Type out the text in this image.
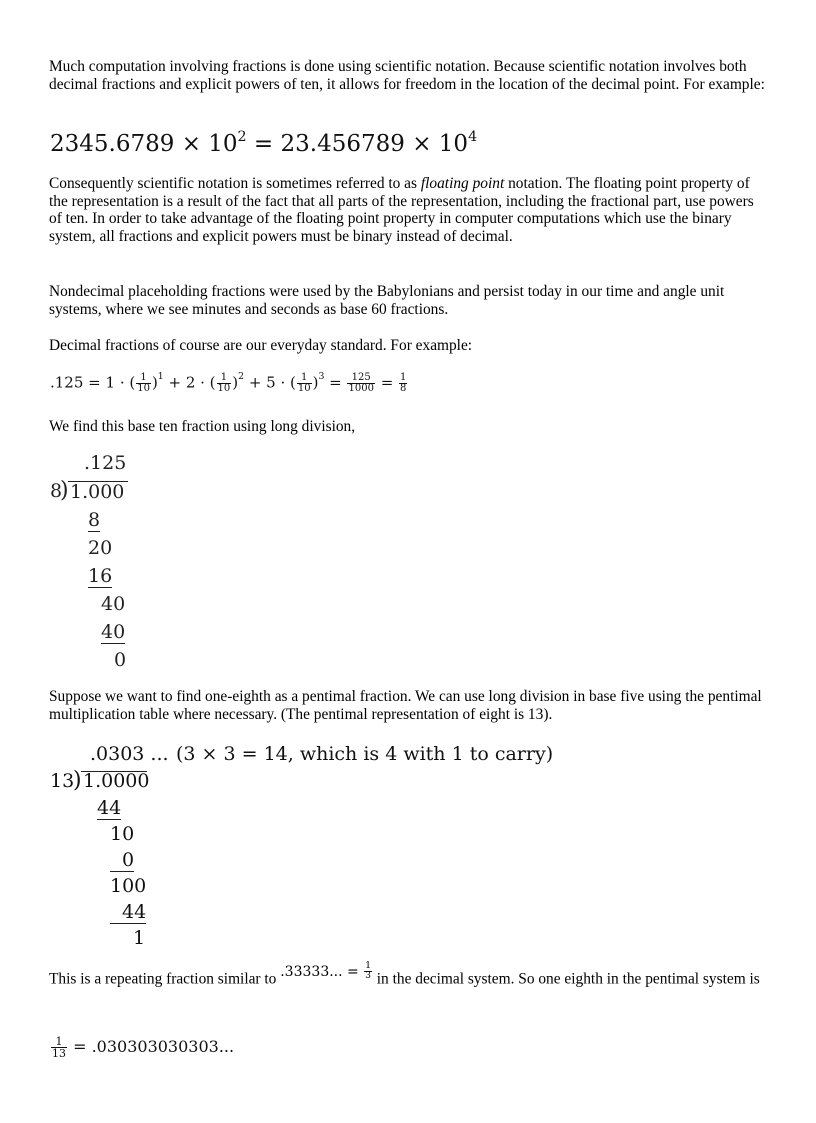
Much computation involving fractions is done using scientific notation. Because scientific notation involves both decimal fractions and explicit powers of ten, it allows for freedom in the location of the decimal point. For example:

$2345.6789 \times 10^2 = 23.456789 \times 10^4$

Consequently scientific notation is sometimes referred to as floating point notation. The floating point property of the representation is a result of the fact that all parts of the representation, including the fractional part, use powers of ten. In order to take advantage of the floating point property in computer computations which use the binary system, all fractions and explicit powers must be binary instead of decimal.

Nondecimal placeholding fractions were used by the Babylonians and persist today in our time and angle unit systems, where we see minutes and seconds as base 60 fractions.

Decimal fractions of course are our everyday standard. For example:

.125 = 1 · ( $\frac{1}{10} )^1 + 2$ · ( $\frac{1}{10} )^2 + 5$ · ( $\frac{1}{10} )^3 = \frac{125}{1000} = \frac{1}{8}$

We find this base ten fraction using long division,

.125
8
) 1.000
8
20
16
40
40
0

Suppose we want to find one-eighth as a pentimal fraction. We can use long division in base five using the pentimal multiplication table where necessary. (The pentimal representation of eight is 13).

.0303 ... (3 × 3 = 14, which is 4 with 1 to carry)
13
) 1.0000
44
10
0
100
44
1
This is a repeating fraction similar to .33333... = $\frac{1}{3}$ in the decimal system. So one eighth in the pentimal system is
$\frac{1}{13} = .030303030303$...
